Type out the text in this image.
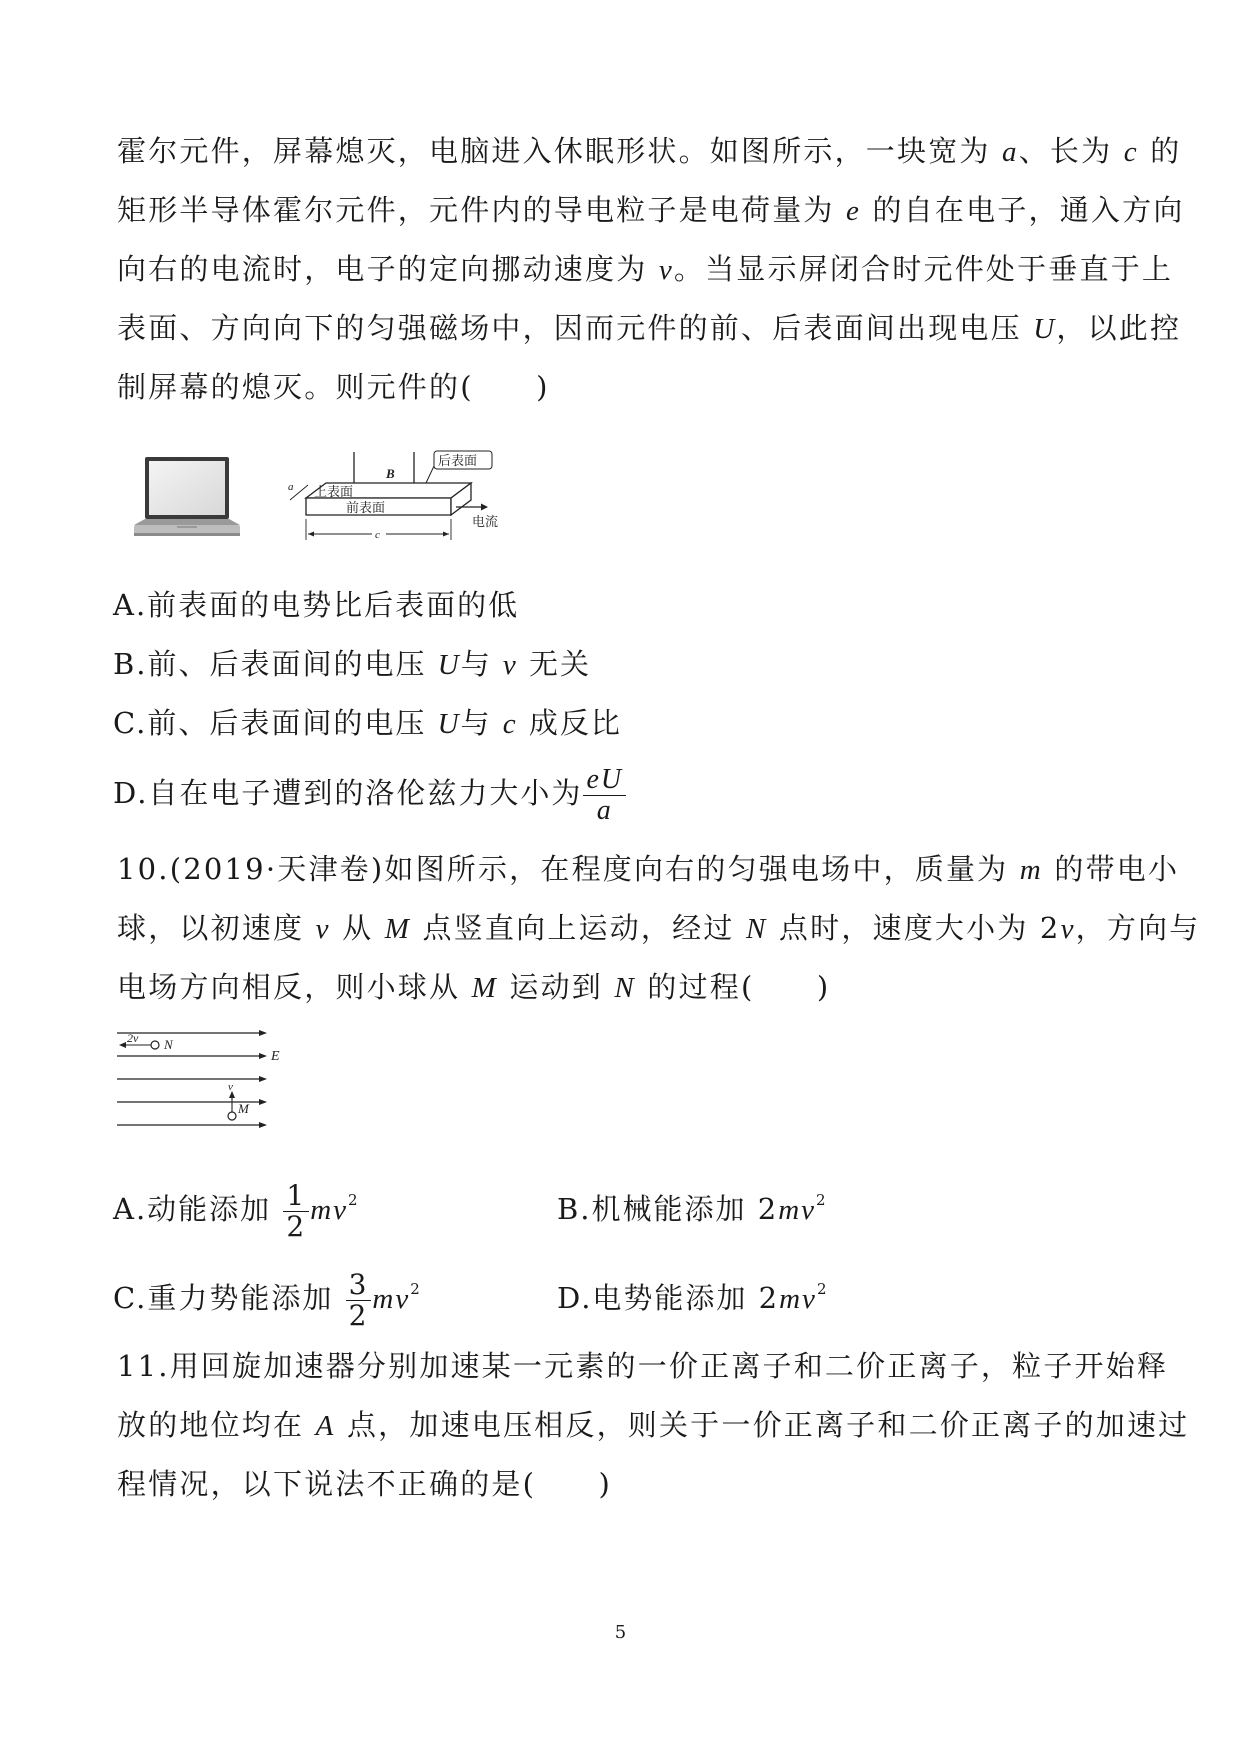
霍尔元件，屏幕熄灭，电脑进入休眠形状。如图所示，一块宽为 a、长为 c 的
矩形半导体霍尔元件，元件内的导电粒子是电荷量为 e 的自在电子，通入方向
向右的电流时，电子的定向挪动速度为 v。当显示屏闭合时元件处于垂直于上
表面、方向向下的匀强磁场中，因而元件的前、后表面间出现电压 U，以此控
制屏幕的熄灭。则元件的(　　)
B
后表面
上表面
前表面
a
电流
c
A.前表面的电势比后表面的低
B.前、后表面间的电压 U与 v 无关
C.前、后表面间的电压 U与 c 成反比
D.自在电子遭到的洛伦兹力大小为 $\frac{eU}{a}$
10.(2019·天津卷)如图所示，在程度向右的匀强电场中，质量为 m 的带电小
球，以初速度 v 从 M 点竖直向上运动，经过 N 点时，速度大小为 2v，方向与
电场方向相反，则小球从 M 运动到 N 的过程(　　)
E
2v N
v
M
A.动能添加 $\frac{1}{2} mv^2$	B.机械能添加 $2mv^2$
C.重力势能添加 $\frac{3}{2} mv^2$	D.电势能添加 $2mv^2$
11.用回旋加速器分别加速某一元素的一价正离子和二价正离子，粒子开始释
放的地位均在 A 点，加速电压相反，则关于一价正离子和二价正离子的加速过
程情况，以下说法不正确的是(　　)
5
